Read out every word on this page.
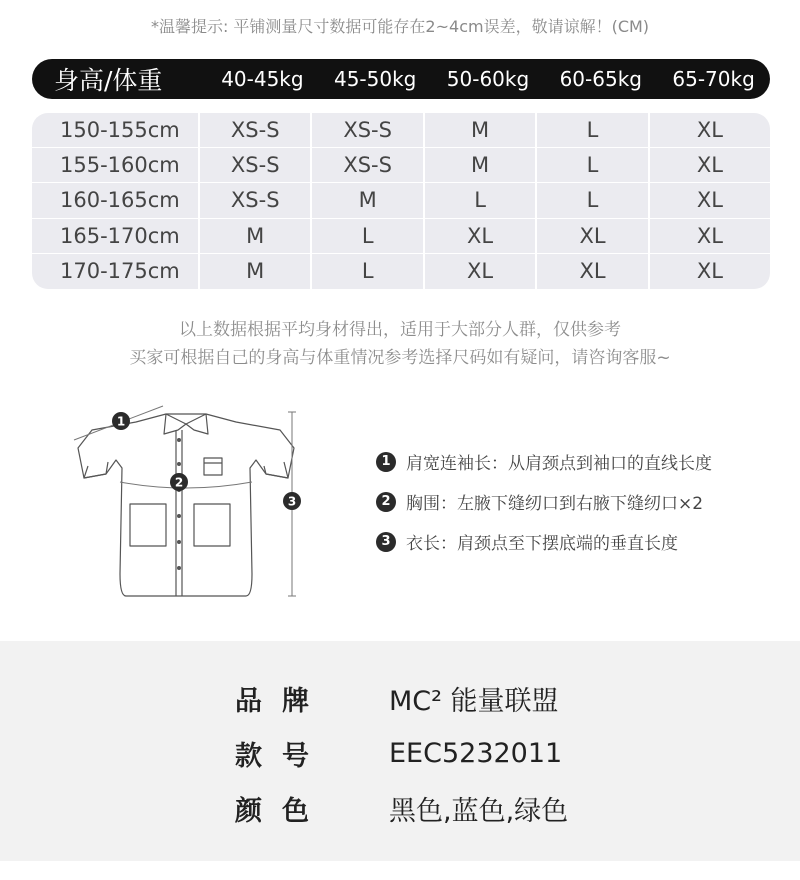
*温馨提示: 平铺测量尺寸数据可能存在2~4cm误差，敬请谅解！(CM)
身高/体重	40-45kg	45-50kg	50-60kg	60-65kg	65-70kg
150-155cm	XS-S	XS-S	M	L	XL
155-160cm	XS-S	XS-S	M	L	XL
160-165cm	XS-S	M	L	L	XL
165-170cm	M	L	XL	XL	XL
170-175cm	M	L	XL	XL	XL
以上数据根据平均身材得出，适用于大部分人群，仅供参考
买家可根据自己的身高与体重情况参考选择尺码如有疑问，请咨询客服~
1
2
3
1 肩宽连袖长：从肩颈点到袖口的直线长度
2 胸围：左腋下缝纫口到右腋下缝纫口×2
3 衣长：肩颈点至下摆底端的垂直长度
品牌	MC² 能量联盟
款号	EEC5232011
颜色	黑色,蓝色,绿色
